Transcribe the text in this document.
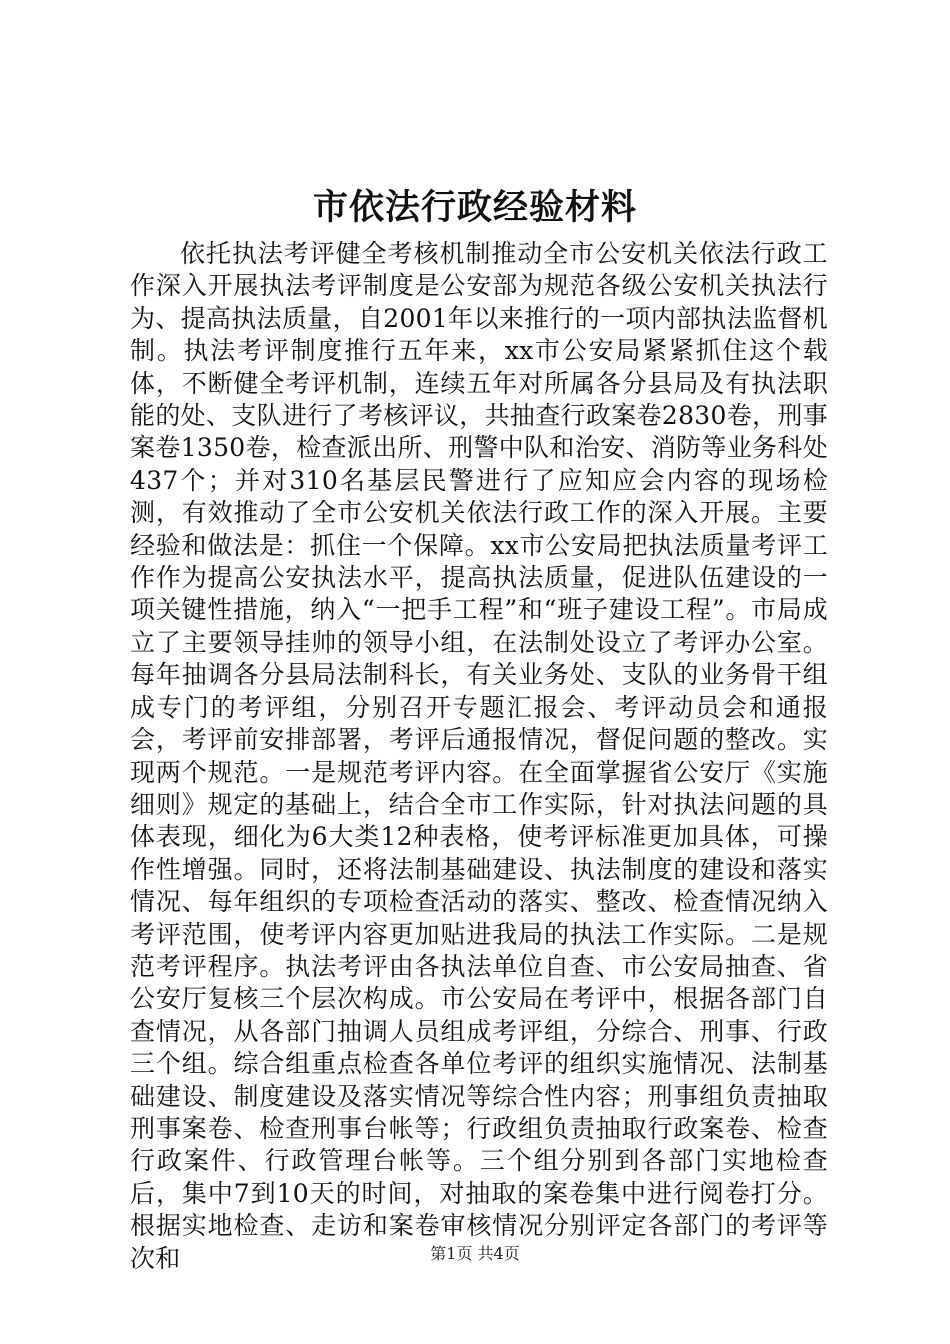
市依法行政经验材料

依托执法考评健全考核机制推动全市公安机关依法行政工作深入开展执法考评制度是公安部为规范各级公安机关执法行为、提高执法质量，自2001年以来推行的一项内部执法监督机制。执法考评制度推行五年来，xx市公安局紧紧抓住这个载体，不断健全考评机制，连续五年对所属各分县局及有执法职能的处、支队进行了考核评议，共抽查行政案卷2830卷，刑事案卷1350卷，检查派出所、刑警中队和治安、消防等业务科处437个；并对310名基层民警进行了应知应会内容的现场检测，有效推动了全市公安机关依法行政工作的深入开展。主要经验和做法是：抓住一个保障。xx市公安局把执法质量考评工作作为提高公安执法水平，提高执法质量，促进队伍建设的一项关键性措施，纳入“一把手工程”和“班子建设工程”。市局成立了主要领导挂帅的领导小组，在法制处设立了考评办公室。每年抽调各分县局法制科长，有关业务处、支队的业务骨干组成专门的考评组，分别召开专题汇报会、考评动员会和通报会，考评前安排部署，考评后通报情况，督促问题的整改。实现两个规范。一是规范考评内容。在全面掌握省公安厅《实施细则》规定的基础上，结合全市工作实际，针对执法问题的具体表现，细化为6大类12种表格，使考评标准更加具体，可操作性增强。同时，还将法制基础建设、执法制度的建设和落实情况、每年组织的专项检查活动的落实、整改、检查情况纳入考评范围，使考评内容更加贴进我局的执法工作实际。二是规范考评程序。执法考评由各执法单位自查、市公安局抽查、省公安厅复核三个层次构成。市公安局在考评中，根据各部门自查情况，从各部门抽调人员组成考评组，分综合、刑事、行政三个组。综合组重点检查各单位考评的组织实施情况、法制基础建设、制度建设及落实情况等综合性内容；刑事组负责抽取刑事案卷、检查刑事台帐等；行政组负责抽取行政案卷、检查行政案件、行政管理台帐等。三个组分别到各部门实地检查后，集中7到10天的时间，对抽取的案卷集中进行阅卷打分。根据实地检查、走访和案卷审核情况分别评定各部门的考评等次和	第1页 共4页
